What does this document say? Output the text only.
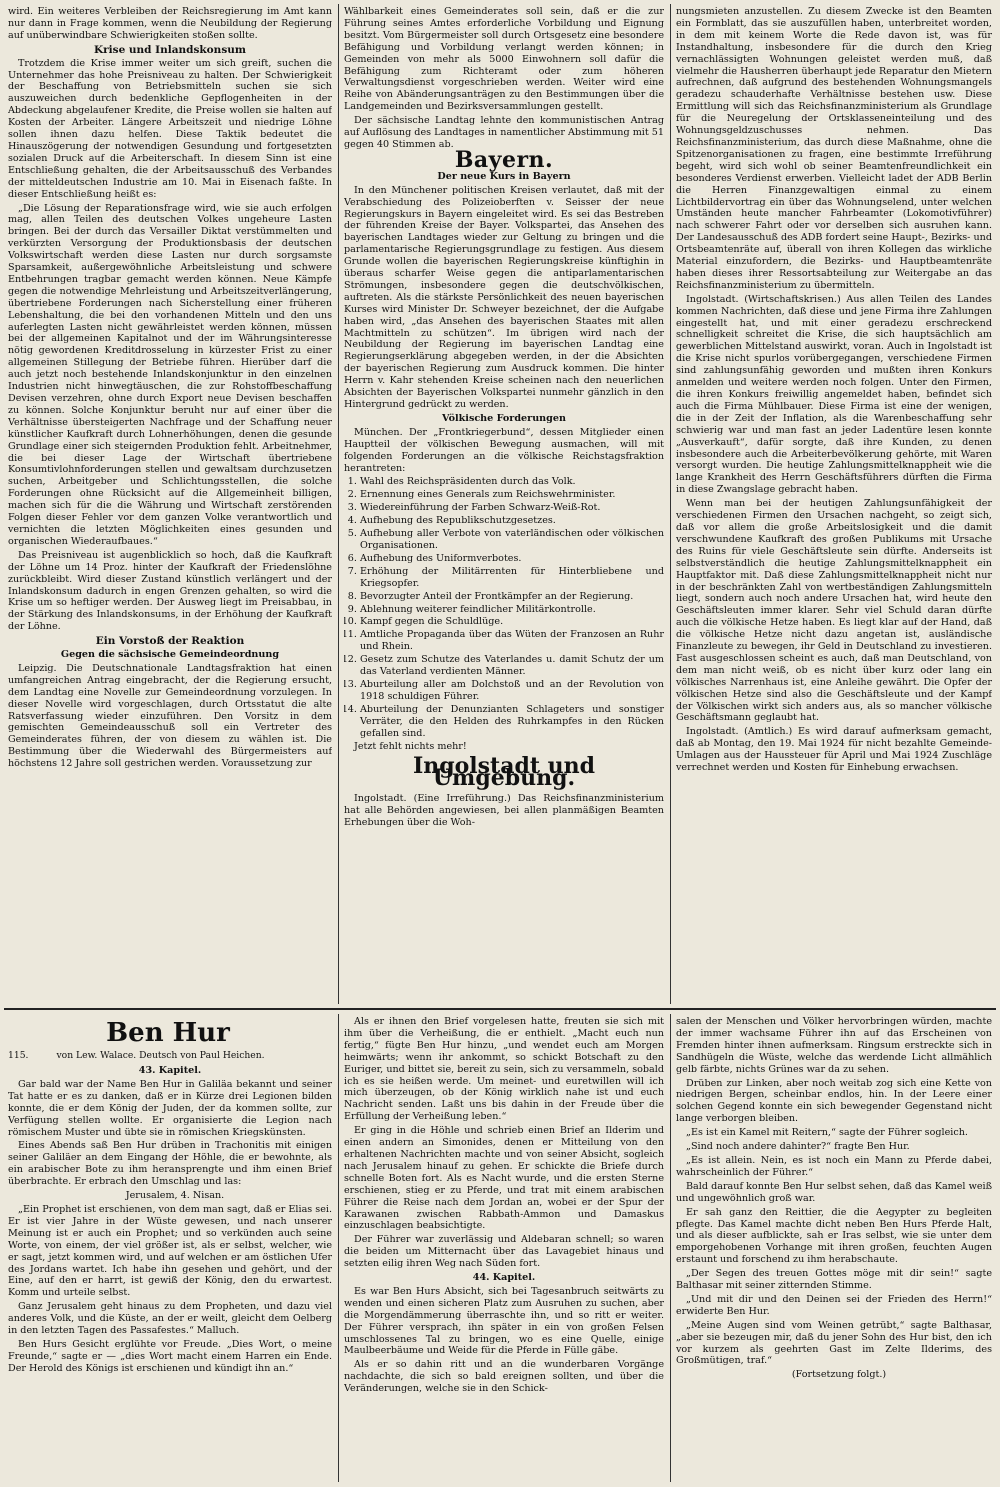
wird. Ein weiteres Verbleiben der Reichsregierung im Amt kann nur dann in Frage kommen, wenn die Neubildung der Regierung auf unüberwindbare Schwierigkeiten stoßen sollte.

Krise und Inlandskonsum

Trotzdem die Krise immer weiter um sich greift, suchen die Unternehmer das hohe Preisniveau zu halten. Der Schwierigkeit der Beschaffung von Betriebsmitteln suchen sie sich auszuweichen durch bedenkliche Gepflogenheiten in der Abdeckung abgelaufener Kredite, die Preise wollen sie halten auf Kosten der Arbeiter. Längere Arbeitszeit und niedrige Löhne sollen ihnen dazu helfen. Diese Taktik bedeutet die Hinauszögerung der notwendigen Gesundung und fortgesetzten sozialen Druck auf die Arbeiterschaft. In diesem Sinn ist eine Entschließung gehalten, die der Arbeitsausschuß des Verbandes der mitteldeutschen Industrie am 10. Mai in Eisenach faßte. In dieser Entschließung heißt es:

„Die Lösung der Reparationsfrage wird, wie sie auch erfolgen mag, allen Teilen des deutschen Volkes ungeheure Lasten bringen. Bei der durch das Versailler Diktat verstümmelten und verkürzten Versorgung der Produktionsbasis der deutschen Volkswirtschaft werden diese Lasten nur durch sorgsamste Sparsamkeit, außergewöhnliche Arbeitsleistung und schwere Entbehrungen tragbar gemacht werden können. Neue Kämpfe gegen die notwendige Mehrleistung und Arbeitszeitverlängerung, übertriebene Forderungen nach Sicherstellung einer früheren Lebenshaltung, die bei den vorhandenen Mitteln und den uns auferlegten Lasten nicht gewährleistet werden können, müssen bei der allgemeinen Kapitalnot und der im Währungsinteresse nötig gewordenen Kreditdrosselung in kürzester Frist zu einer allgemeinen Stillegung der Betriebe führen. Hierüber darf die auch jetzt noch bestehende Inlandskonjunktur in den einzelnen Industrien nicht hinwegtäuschen, die zur Rohstoffbeschaffung Devisen verzehren, ohne durch Export neue Devisen beschaffen zu können. Solche Konjunktur beruht nur auf einer über die Verhältnisse übersteigerten Nachfrage und der Schaffung neuer künstlicher Kaufkraft durch Lohnerhöhungen, denen die gesunde Grundlage einer sich steigernden Produktion fehlt. Arbeitnehmer, die bei dieser Lage der Wirtschaft übertriebene Konsumtivlohnforderungen stellen und gewaltsam durchzusetzen suchen, Arbeitgeber und Schlichtungsstellen, die solche Forderungen ohne Rücksicht auf die Allgemeinheit billigen, machen sich für die die Währung und Wirtschaft zerstörenden Folgen dieser Fehler vor dem ganzen Volke verantwortlich und vernichten die letzten Möglichkeiten eines gesunden und organischen Wiederaufbaues.“

Das Preisniveau ist augenblicklich so hoch, daß die Kaufkraft der Löhne um 14 Proz. hinter der Kaufkraft der Friedenslöhne zurückbleibt. Wird dieser Zustand künstlich verlängert und der Inlandskonsum dadurch in engen Grenzen gehalten, so wird die Krise um so heftiger werden. Der Ausweg liegt im Preisabbau, in der Stärkung des Inlandskonsums, in der Erhöhung der Kaufkraft der Löhne.

Ein Vorstoß der Reaktion
Gegen die sächsische Gemeindeordnung

Leipzig. Die Deutschnationale Landtagsfraktion hat einen umfangreichen Antrag eingebracht, der die Regierung ersucht, dem Landtag eine Novelle zur Gemeindeordnung vorzulegen. In dieser Novelle wird vorgeschlagen, durch Ortsstatut die alte Ratsverfassung wieder einzuführen. Den Vorsitz in dem gemischten Gemeindeausschuß soll ein Vertreter des Gemeinderates führen, der von diesem zu wählen ist. Die Bestimmung über die Wiederwahl des Bürgermeisters auf höchstens 12 Jahre soll gestrichen werden. Voraussetzung zur

Wählbarkeit eines Gemeinderates soll sein, daß er die zur Führung seines Amtes erforderliche Vorbildung und Eignung besitzt. Vom Bürgermeister soll durch Ortsgesetz eine besondere Befähigung und Vorbildung verlangt werden können; in Gemeinden von mehr als 5000 Einwohnern soll dafür die Befähigung zum Richteramt oder zum höheren Verwaltungsdienst vorgeschrieben werden. Weiter wird eine Reihe von Abänderungsanträgen zu den Bestimmungen über die Landgemeinden und Bezirksversammlungen gestellt.

Der sächsische Landtag lehnte den kommunistischen Antrag auf Auflösung des Landtages in namentlicher Abstimmung mit 51 gegen 40 Stimmen ab.

Bayern.
Der neue Kurs in Bayern

In den Münchener politischen Kreisen verlautet, daß mit der Verabschiedung des Polizeioberften v. Seisser der neue Regierungskurs in Bayern eingeleitet wird. Es sei das Bestreben der führenden Kreise der Bayer. Volkspartei, das Ansehen des bayerischen Landtages wieder zur Geltung zu bringen und die parlamentarische Regierungsgrundlage zu festigen. Aus diesem Grunde wollen die bayerischen Regierungskreise künftighin in überaus scharfer Weise gegen die antiparlamentarischen Strömungen, insbesondere gegen die deutschvölkischen, auftreten. Als die stärkste Persönlichkeit des neuen bayerischen Kurses wird Minister Dr. Schweyer bezeichnet, der die Aufgabe haben wird, „das Ansehen des bayerischen Staates mit allen Machtmitteln zu schützen“. Im übrigen wird nach der Neubildung der Regierung im bayerischen Landtag eine Regierungserklärung abgegeben werden, in der die Absichten der bayerischen Regierung zum Ausdruck kommen. Die hinter Herrn v. Kahr stehenden Kreise scheinen nach den neuerlichen Absichten der Bayerischen Volkspartei nunmehr gänzlich in den Hintergrund gedrückt zu werden.

Völkische Forderungen

München. Der „Frontkriegerbund“, dessen Mitglieder einen Hauptteil der völkischen Bewegung ausmachen, will mit folgenden Forderungen an die völkische Reichstagsfraktion herantreten:

1. Wahl des Reichspräsidenten durch das Volk.
2. Ernennung eines Generals zum Reichswehrminister.
3. Wiedereinführung der Farben Schwarz-Weiß-Rot.
4. Aufhebung des Republikschutzgesetzes.
5. Aufhebung aller Verbote von vaterländischen oder völkischen Organisationen.
6. Aufhebung des Uniformverbotes.
7. Erhöhung der Militärrenten für Hinterbliebene und Kriegsopfer.
8. Bevorzugter Anteil der Frontkämpfer an der Regierung.
9. Ablehnung weiterer feindlicher Militärkontrolle.
10. Kampf gegen die Schuldlüge.
11. Amtliche Propaganda über das Wüten der Franzosen an Ruhr und Rhein.
12. Gesetz zum Schutze des Vaterlandes u. damit Schutz der um das Vaterland verdienten Männer.
13. Aburteilung aller am Dolchstoß und an der Revolution von 1918 schuldigen Führer.
14. Aburteilung der Denunzianten Schlageters und sonstiger Verräter, die den Helden des Ruhrkampfes in den Rücken gefallen sind.

Jetzt fehlt nichts mehr!

Ingolstadt und Umgebung.

Ingolstadt. (Eine Irreführung.) Das Reichsfinanzministerium hat alle Behörden angewiesen, bei allen planmäßigen Beamten Erhebungen über die Woh-

nungsmieten anzustellen. Zu diesem Zwecke ist den Beamten ein Formblatt, das sie auszufüllen haben, unterbreitet worden, in dem mit keinem Worte die Rede davon ist, was für Instandhaltung, insbesondere für die durch den Krieg vernachlässigten Wohnungen geleistet werden muß, daß vielmehr die Hausherren überhaupt jede Reparatur den Mietern aufrechnen, daß aufgrund des bestehenden Wohnungsmangels geradezu schauderhafte Verhältnisse bestehen usw. Diese Ermittlung will sich das Reichsfinanzministerium als Grundlage für die Neuregelung der Ortsklasseneinteilung und des Wohnungsgeldzuschusses nehmen. Das Reichsfinanzministerium, das durch diese Maßnahme, ohne die Spitzenorganisationen zu fragen, eine bestimmte Irreführung begeht, wird sich wohl ob seiner Beamtenfreundlichkeit ein besonderes Verdienst erwerben. Vielleicht ladet der ADB Berlin die Herren Finanzgewaltigen einmal zu einem Lichtbildervortrag ein über das Wohnungselend, unter welchen Umständen heute mancher Fahrbeamter (Lokomotivführer) nach schwerer Fahrt oder vor derselben sich ausruhen kann. Der Landesausschuß des ADB fordert seine Haupt-, Bezirks- und Ortsbeamtenräte auf, überall von ihren Kollegen das wirkliche Material einzufordern, die Bezirks- und Hauptbeamtenräte haben dieses ihrer Ressortsabteilung zur Weitergabe an das Reichsfinanzministerium zu übermitteln.

Ingolstadt. (Wirtschaftskrisen.) Aus allen Teilen des Landes kommen Nachrichten, daß diese und jene Firma ihre Zahlungen eingestellt hat, und mit einer geradezu erschreckend schnelligkeit schreitet die Krise, die sich hauptsächlich am gewerblichen Mittelstand auswirkt, voran. Auch in Ingolstadt ist die Krise nicht spurlos vorübergegangen, verschiedene Firmen sind zahlungsunfähig geworden und mußten ihren Konkurs anmelden und weitere werden noch folgen. Unter den Firmen, die ihren Konkurs freiwillig angemeldet haben, befindet sich auch die Firma Mühlbauer. Diese Firma ist eine der wenigen, die in der Zeit der Inflation, als die Warenbeschaffung sehr schwierig war und man fast an jeder Ladentüre lesen konnte „Ausverkauft“, dafür sorgte, daß ihre Kunden, zu denen insbesondere auch die Arbeiterbevölkerung gehörte, mit Waren versorgt wurden. Die heutige Zahlungsmittelknappheit wie die lange Krankheit des Herrn Geschäftsführers dürften die Firma in diese Zwangslage gebracht haben.

Wenn man bei der heutigen Zahlungsunfähigkeit der verschiedenen Firmen den Ursachen nachgeht, so zeigt sich, daß vor allem die große Arbeitslosigkeit und die damit verschwundene Kaufkraft des großen Publikums mit Ursache des Ruins für viele Geschäftsleute sein dürfte. Anderseits ist selbstverständlich die heutige Zahlungsmittelknappheit ein Hauptfaktor mit. Daß diese Zahlungsmittelknappheit nicht nur in der beschränkten Zahl von wertbeständigen Zahlungsmitteln liegt, sondern auch noch andere Ursachen hat, wird heute den Geschäftsleuten immer klarer. Sehr viel Schuld daran dürfte auch die völkische Hetze haben. Es liegt klar auf der Hand, daß die völkische Hetze nicht dazu angetan ist, ausländische Finanzleute zu bewegen, ihr Geld in Deutschland zu investieren. Fast ausgeschlossen scheint es auch, daß man Deutschland, von dem man nicht weiß, ob es nicht über kurz oder lang ein völkisches Narrenhaus ist, eine Anleihe gewährt. Die Opfer der völkischen Hetze sind also die Geschäftsleute und der Kampf der Völkischen wirkt sich anders aus, als so mancher völkische Geschäftsmann geglaubt hat.

Ingolstadt. (Amtlich.) Es wird darauf aufmerksam gemacht, daß ab Montag, den 19. Mai 1924 für nicht bezahlte Gemeinde-Umlagen aus der Haussteuer für April und Mai 1924 Zuschläge verrechnet werden und Kosten für Einhebung erwachsen.

Ben Hur
115.	von Lew. Walace. Deutsch von Paul Heichen.
43. Kapitel.

Gar bald war der Name Ben Hur in Galiläa bekannt und seiner Tat hatte er es zu danken, daß er in Kürze drei Legionen bilden konnte, die er dem König der Juden, der da kommen sollte, zur Verfügung stellen wollte. Er organisierte die Legion nach römischem Muster und übte sie in römischen Kriegskünsten.

Eines Abends saß Ben Hur drüben in Trachonitis mit einigen seiner Galiläer an dem Eingang der Höhle, die er bewohnte, als ein arabischer Bote zu ihm heransprengte und ihm einen Brief überbrachte. Er erbrach den Umschlag und las:

Jerusalem, 4. Nisan.

„Ein Prophet ist erschienen, von dem man sagt, daß er Elias sei. Er ist vier Jahre in der Wüste gewesen, und nach unserer Meinung ist er auch ein Prophet; und so verkünden auch seine Worte, von einem, der viel größer ist, als er selbst, welcher, wie er sagt, jetzt kommen wird, und auf welchen er am östlichen Ufer des Jordans wartet. Ich habe ihn gesehen und gehört, und der Eine, auf den er harrt, ist gewiß der König, den du erwartest. Komm und urteile selbst.

Ganz Jerusalem geht hinaus zu dem Propheten, und dazu viel anderes Volk, und die Küste, an der er weilt, gleicht dem Oelberg in den letzten Tagen des Passafestes.“ Malluch.

Ben Hurs Gesicht erglühte vor Freude. „Dies Wort, o meine Freunde,“ sagte er — „dies Wort macht einem Harren ein Ende. Der Herold des Königs ist erschienen und kündigt ihn an.“

Als er ihnen den Brief vorgelesen hatte, freuten sie sich mit ihm über die Verheißung, die er enthielt. „Macht euch nun fertig,“ fügte Ben Hur hinzu, „und wendet euch am Morgen heimwärts; wenn ihr ankommt, so schickt Botschaft zu den Euriger, und bittet sie, bereit zu sein, sich zu versammeln, sobald ich es sie heißen werde. Um meinet- und euretwillen will ich mich überzeugen, ob der König wirklich nahe ist und euch Nachricht senden. Laßt uns bis dahin in der Freude über die Erfüllung der Verheißung leben.“

Er ging in die Höhle und schrieb einen Brief an Ilderim und einen andern an Simonides, denen er Mitteilung von den erhaltenen Nachrichten machte und von seiner Absicht, sogleich nach Jerusalem hinauf zu gehen. Er schickte die Briefe durch schnelle Boten fort. Als es Nacht wurde, und die ersten Sterne erschienen, stieg er zu Pferde, und trat mit einem arabischen Führer die Reise nach dem Jordan an, wobei er der Spur der Karawanen zwischen Rabbath-Ammon und Damaskus einzuschlagen beabsichtigte.

Der Führer war zuverlässig und Aldebaran schnell; so waren die beiden um Mitternacht über das Lavagebiet hinaus und setzten eilig ihren Weg nach Süden fort.

44. Kapitel.

Es war Ben Hurs Absicht, sich bei Tagesanbruch seitwärts zu wenden und einen sicheren Platz zum Ausruhen zu suchen, aber die Morgendämmerung überraschte ihn, und so ritt er weiter. Der Führer versprach, ihn später in ein von großen Felsen umschlossenes Tal zu bringen, wo es eine Quelle, einige Maulbeerbäume und Weide für die Pferde in Fülle gäbe.

Als er so dahin ritt und an die wunderbaren Vorgänge nachdachte, die sich so bald ereignen sollten, und über die Veränderungen, welche sie in den Schick-

salen der Menschen und Völker hervorbringen würden, machte der immer wachsame Führer ihn auf das Erscheinen von Fremden hinter ihnen aufmerksam. Ringsum erstreckte sich in Sandhügeln die Wüste, welche das werdende Licht allmählich gelb färbte, nichts Grünes war da zu sehen.

Drüben zur Linken, aber noch weitab zog sich eine Kette von niedrigen Bergen, scheinbar endlos, hin. In der Leere einer solchen Gegend konnte ein sich bewegender Gegenstand nicht lange verborgen bleiben.

„Es ist ein Kamel mit Reitern,“ sagte der Führer sogleich.

„Sind noch andere dahinter?“ fragte Ben Hur.

„Es ist allein. Nein, es ist noch ein Mann zu Pferde dabei, wahrscheinlich der Führer.“

Bald darauf konnte Ben Hur selbst sehen, daß das Kamel weiß und ungewöhnlich groß war.

Er sah ganz den Reittier, die die Aegypter zu begleiten pflegte. Das Kamel machte dicht neben Ben Hurs Pferde Halt, und als dieser aufblickte, sah er Iras selbst, wie sie unter dem emporgehobenen Vorhange mit ihren großen, feuchten Augen erstaunt und forschend zu ihm herabschaute.

„Der Segen des treuen Gottes möge mit dir sein!“ sagte Balthasar mit seiner zitternden Stimme.

„Und mit dir und den Deinen sei der Frieden des Herrn!“ erwiderte Ben Hur.

„Meine Augen sind vom Weinen getrübt,“ sagte Balthasar, „aber sie bezeugen mir, daß du jener Sohn des Hur bist, den ich vor kurzem als geehrten Gast im Zelte Ilderims, des Großmütigen, traf.“

(Fortsetzung folgt.)
